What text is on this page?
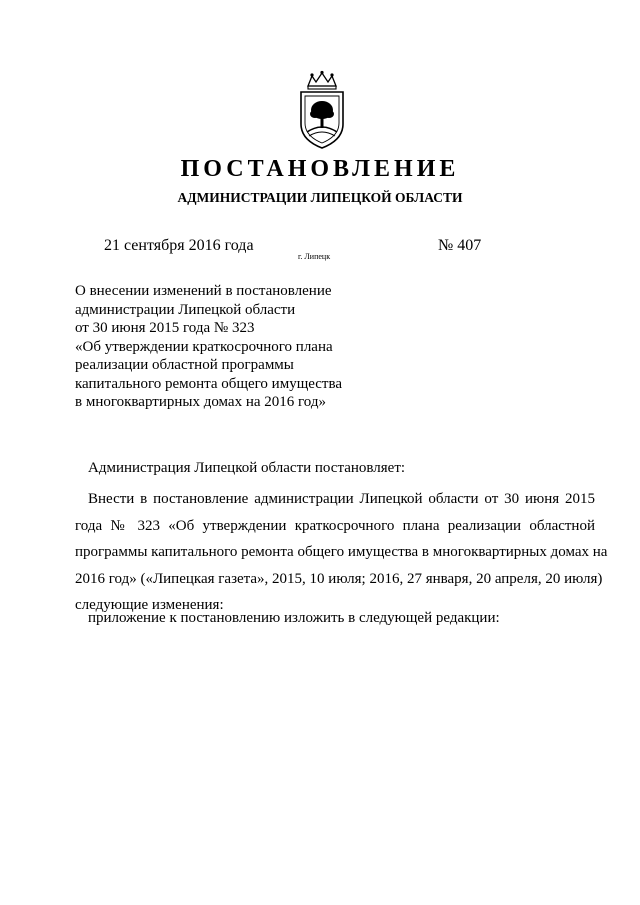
ПОСТАНОВЛЕНИЕ
АДМИНИСТРАЦИИ ЛИПЕЦКОЙ ОБЛАСТИ
21 сентября 2016 года
г. Липецк
№ 407
О внесении изменений в постановление
администрации Липецкой области
от 30 июня 2015 года № 323
«Об утверждении краткосрочного плана
реализации областной программы
капитального ремонта общего имущества
в многоквартирных домах на 2016 год»
Администрация Липецкой области постановляет:
Внести в постановление администрации Липецкой области от 30 июня 2015
года № 323 «Об утверждении краткосрочного плана реализации областной
программы капитального ремонта общего имущества в многоквартирных домах на
2016 год» («Липецкая газета», 2015, 10 июля; 2016, 27 января, 20 апреля, 20 июля)
следующие изменения:
приложение к постановлению изложить в следующей редакции:
